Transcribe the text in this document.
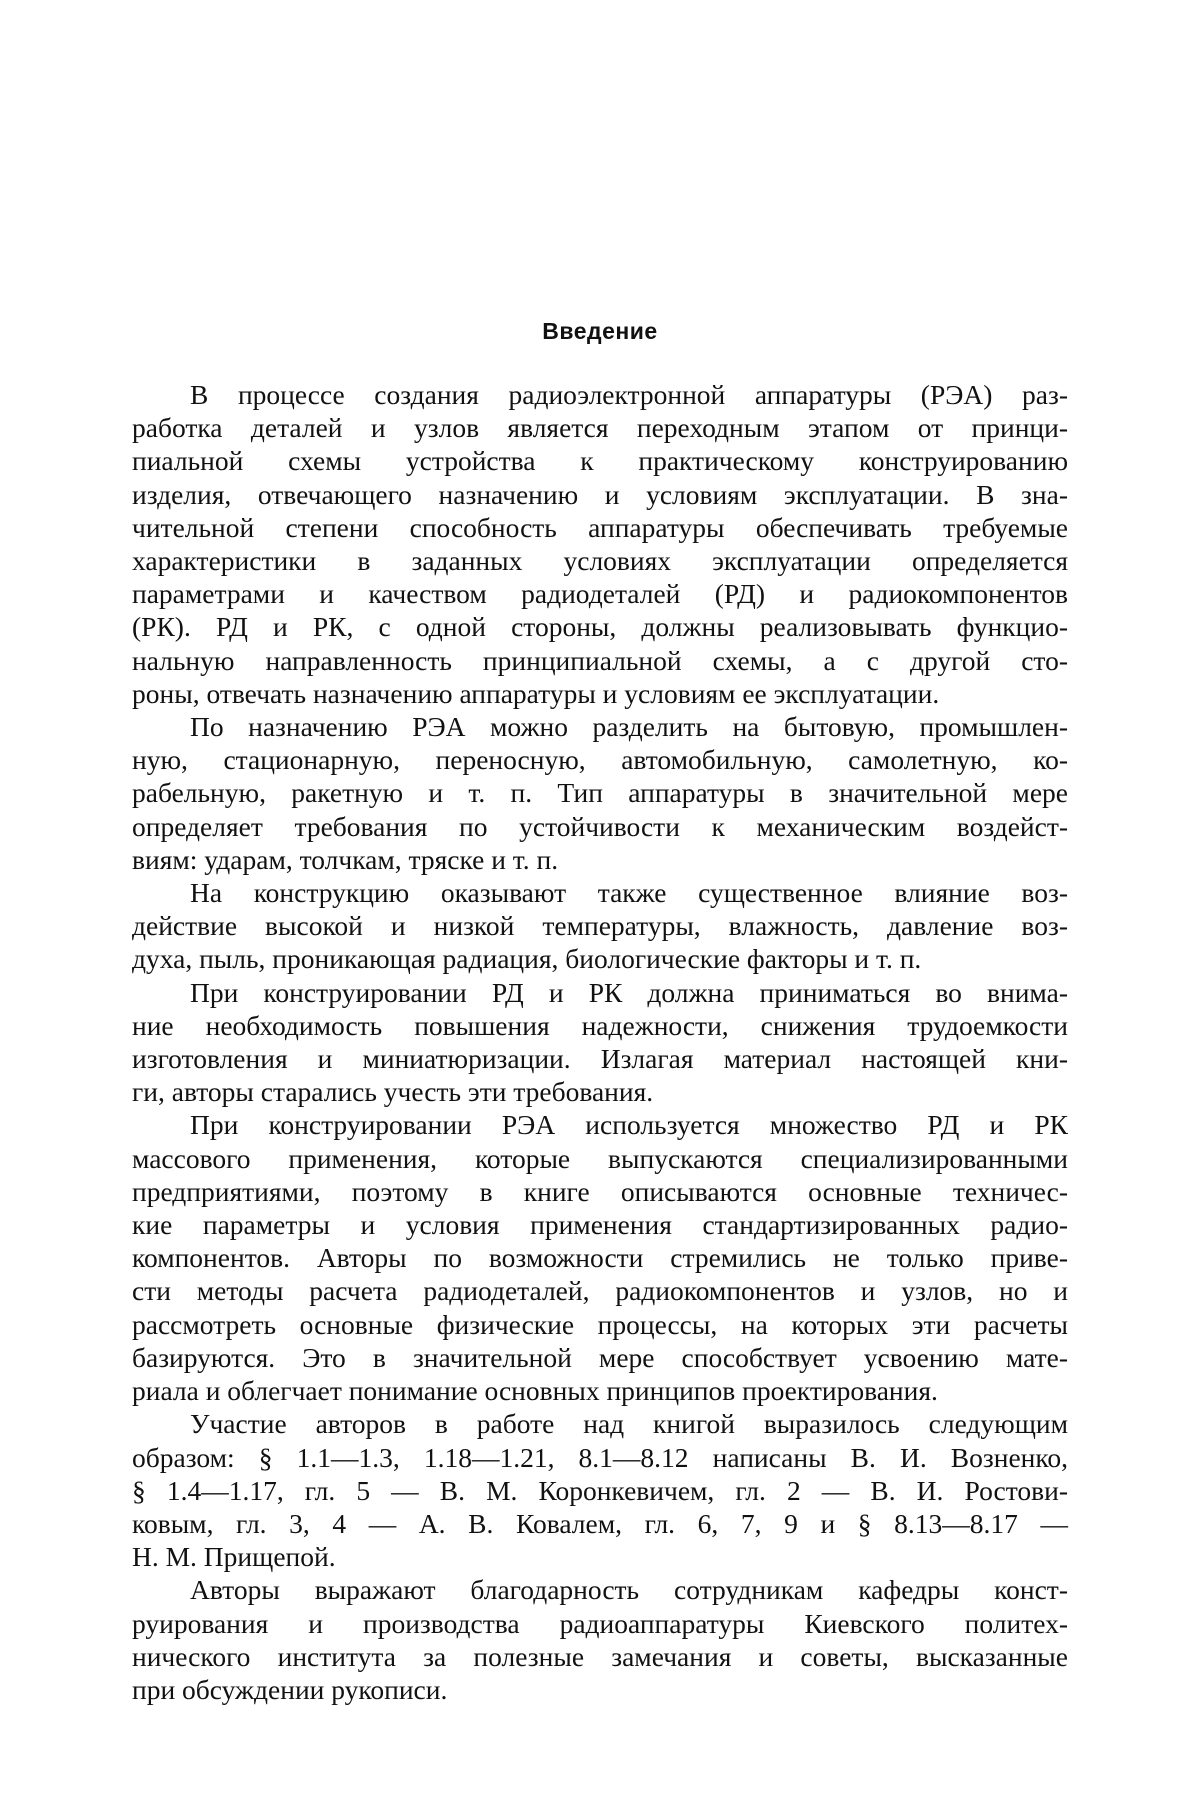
Введение
В процессе создания радиоэлектронной аппаратуры (РЭА) раз-
работка деталей и узлов является переходным этапом от принци-
пиальной схемы устройства к практическому конструированию
изделия, отвечающего назначению и условиям эксплуатации. В зна-
чительной степени способность аппаратуры обеспечивать требуемые
характеристики в заданных условиях эксплуатации определяется
параметрами и качеством радиодеталей (РД) и радиокомпонентов
(РК). РД и РК, с одной стороны, должны реализовывать функцио-
нальную направленность принципиальной схемы, а с другой сто-
роны, отвечать назначению аппаратуры и условиям ее эксплуатации.
По назначению РЭА можно разделить на бытовую, промышлен-
ную, стационарную, переносную, автомобильную, самолетную, ко-
рабельную, ракетную и т. п. Тип аппаратуры в значительной мере
определяет требования по устойчивости к механическим воздейст-
виям: ударам, толчкам, тряске и т. п.
На конструкцию оказывают также существенное влияние воз-
действие высокой и низкой температуры, влажность, давление воз-
духа, пыль, проникающая радиация, биологические факторы и т. п.
При конструировании РД и РК должна приниматься во внима-
ние необходимость повышения надежности, снижения трудоемкости
изготовления и миниатюризации. Излагая материал настоящей кни-
ги, авторы старались учесть эти требования.
При конструировании РЭА используется множество РД и РК
массового применения, которые выпускаются специализированными
предприятиями, поэтому в книге описываются основные техничес-
кие параметры и условия применения стандартизированных радио-
компонентов. Авторы по возможности стремились не только приве-
сти методы расчета радиодеталей, радиокомпонентов и узлов, но и
рассмотреть основные физические процессы, на которых эти расчеты
базируются. Это в значительной мере способствует усвоению мате-
риала и облегчает понимание основных принципов проектирования.
Участие авторов в работе над книгой выразилось следующим
образом: § 1.1—1.3, 1.18—1.21, 8.1—8.12 написаны В. И. Возненко,
§ 1.4—1.17, гл. 5 — В. М. Коронкевичем, гл. 2 — В. И. Ростови-
ковым, гл. 3, 4 — А. В. Ковалем, гл. 6, 7, 9 и § 8.13—8.17 —
Н. М. Прищепой.
Авторы выражают благодарность сотрудникам кафедры конст-
руирования и производства радиоаппаратуры Киевского политех-
нического института за полезные замечания и советы, высказанные
при обсуждении рукописи.
